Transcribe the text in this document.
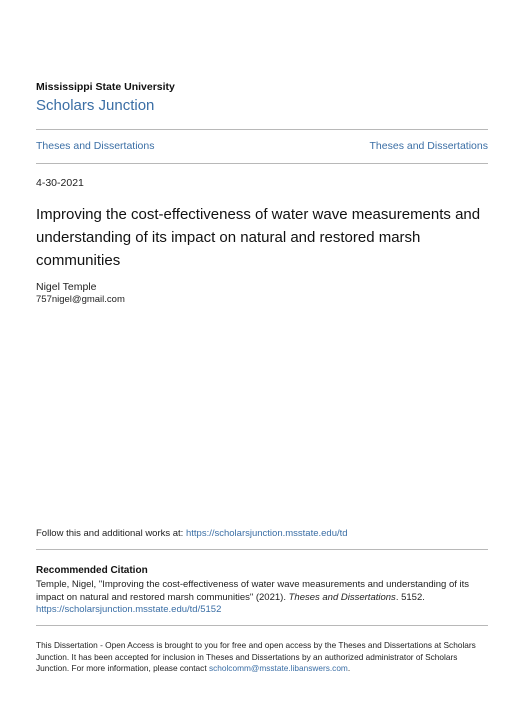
Mississippi State University
Scholars Junction
Theses and Dissertations	Theses and Dissertations
4-30-2021
Improving the cost-effectiveness of water wave measurements and understanding of its impact on natural and restored marsh communities
Nigel Temple
757nigel@gmail.com
Follow this and additional works at: https://scholarsjunction.msstate.edu/td
Recommended Citation
Temple, Nigel, "Improving the cost-effectiveness of water wave measurements and understanding of its impact on natural and restored marsh communities" (2021). Theses and Dissertations. 5152.
https://scholarsjunction.msstate.edu/td/5152
This Dissertation - Open Access is brought to you for free and open access by the Theses and Dissertations at Scholars Junction. It has been accepted for inclusion in Theses and Dissertations by an authorized administrator of Scholars Junction. For more information, please contact scholcomm@msstate.libanswers.com.
